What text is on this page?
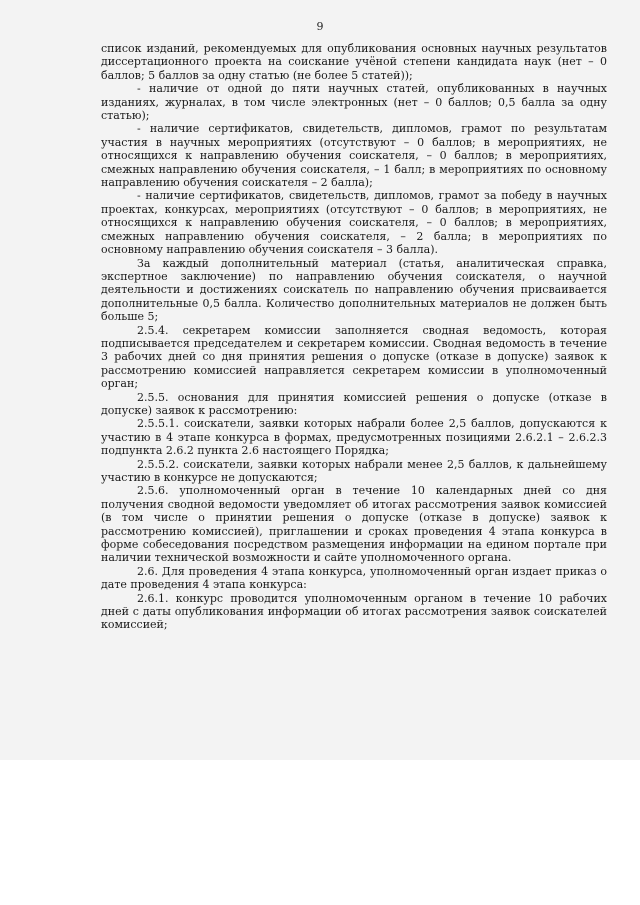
9

список изданий, рекомендуемых для опубликования основных научных результатов диссертационного проекта на соискание учёной степени кандидата наук (нет – 0 баллов; 5 баллов за одну статью (не более 5 статей));

- наличие от одной до пяти научных статей, опубликованных в научных изданиях, журналах, в том числе электронных (нет – 0 баллов; 0,5 балла за одну статью);

- наличие сертификатов, свидетельств, дипломов, грамот по результатам участия в научных мероприятиях (отсутствуют – 0 баллов; в мероприятиях, не относящихся к направлению обучения соискателя, – 0 баллов; в мероприятиях, смежных направлению обучения соискателя, – 1 балл; в мероприятиях по основному направлению обучения соискателя – 2 балла);

- наличие сертификатов, свидетельств, дипломов, грамот за победу в научных проектах, конкурсах, мероприятиях (отсутствуют – 0 баллов; в мероприятиях, не относящихся к направлению обучения соискателя, – 0 баллов; в мероприятиях, смежных направлению обучения соискателя, – 2 балла; в мероприятиях по основному направлению обучения соискателя – 3 балла).

За каждый дополнительный материал (статья, аналитическая справка, экспертное заключение) по направлению обучения соискателя, о научной деятельности и достижениях соискатель по направлению обучения присваивается дополнительные 0,5 балла. Количество дополнительных материалов не должен быть больше 5;

2.5.4. секретарем комиссии заполняется сводная ведомость, которая подписывается председателем и секретарем комиссии. Сводная ведомость в течение 3 рабочих дней со дня принятия решения о допуске (отказе в допуске) заявок к рассмотрению комиссией направляется секретарем комиссии в уполномоченный орган;

2.5.5. основания для принятия комиссией решения о допуске (отказе в допуске) заявок к рассмотрению:

2.5.5.1. соискатели, заявки которых набрали более 2,5 баллов, допускаются к участию в 4 этапе конкурса в формах, предусмотренных позициями 2.6.2.1 – 2.6.2.3 подпункта 2.6.2 пункта 2.6 настоящего Порядка;

2.5.5.2. соискатели, заявки которых набрали менее 2,5 баллов, к дальнейшему участию в конкурсе не допускаются;

2.5.6. уполномоченный орган в течение 10 календарных дней со дня получения сводной ведомости уведомляет об итогах рассмотрения заявок комиссией (в том числе о принятии решения о допуске (отказе в допуске) заявок к рассмотрению комиссией), приглашении и сроках проведения 4 этапа конкурса в форме собеседования посредством размещения информации на едином портале при наличии технической возможности и сайте уполномоченного органа.

2.6. Для проведения 4 этапа конкурса, уполномоченный орган издает приказ о дате проведения 4 этапа конкурса:

2.6.1. конкурс проводится уполномоченным органом в течение 10 рабочих дней с даты опубликования информации об итогах рассмотрения заявок соискателей комиссией;
